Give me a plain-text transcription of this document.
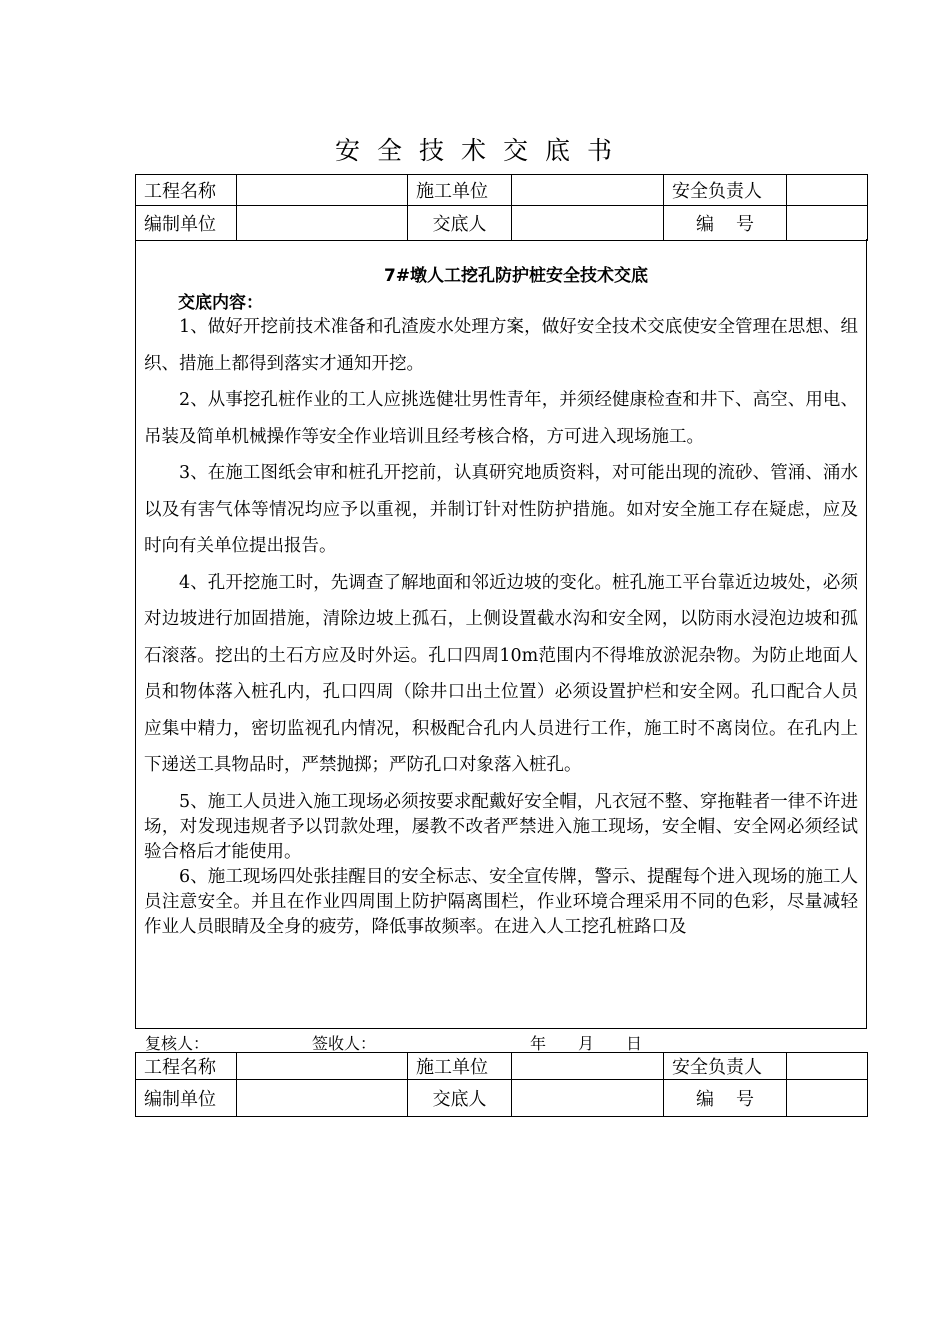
安全技术交底书
工程名称		施工单位		安全负责人	
编制单位		交底人		编号	
7#墩人工挖孔防护桩安全技术交底
交底内容：

1、做好开挖前技术准备和孔渣废水处理方案，做好安全技术交底使安全管理在思想、组织、措施上都得到落实才通知开挖。

2、从事挖孔桩作业的工人应挑选健壮男性青年，并须经健康检查和井下、高空、用电、吊装及简单机械操作等安全作业培训且经考核合格，方可进入现场施工。

3、在施工图纸会审和桩孔开挖前，认真研究地质资料，对可能出现的流砂、管涌、涌水以及有害气体等情况均应予以重视，并制订针对性防护措施。如对安全施工存在疑虑，应及时向有关单位提出报告。

4、孔开挖施工时，先调查了解地面和邻近边坡的变化。桩孔施工平台靠近边坡处，必须对边坡进行加固措施，清除边坡上孤石，上侧设置截水沟和安全网，以防雨水浸泡边坡和孤石滚落。挖出的土石方应及时外运。孔口四周10m范围内不得堆放淤泥杂物。为防止地面人员和物体落入桩孔内，孔口四周（除井口出土位置）必须设置护栏和安全网。孔口配合人员应集中精力，密切监视孔内情况，积极配合孔内人员进行工作，施工时不离岗位。在孔内上下递送工具物品时，严禁抛掷；严防孔口对象落入桩孔。

5、施工人员进入施工现场必须按要求配戴好安全帽，凡衣冠不整、穿拖鞋者一律不许进场，对发现违规者予以罚款处理，屡教不改者严禁进入施工现场，安全帽、安全网必须经试验合格后才能使用。

6、施工现场四处张挂醒目的安全标志、安全宣传牌，警示、提醒每个进入现场的施工人员注意安全。并且在作业四周围上防护隔离围栏，作业环境合理采用不同的色彩，尽量减轻作业人员眼睛及全身的疲劳，降低事故频率。在进入人工挖孔桩路口及

复核人：	签收人：	年　　月　　日
工程名称		施工单位		安全负责人	
编制单位		交底人		编号	
